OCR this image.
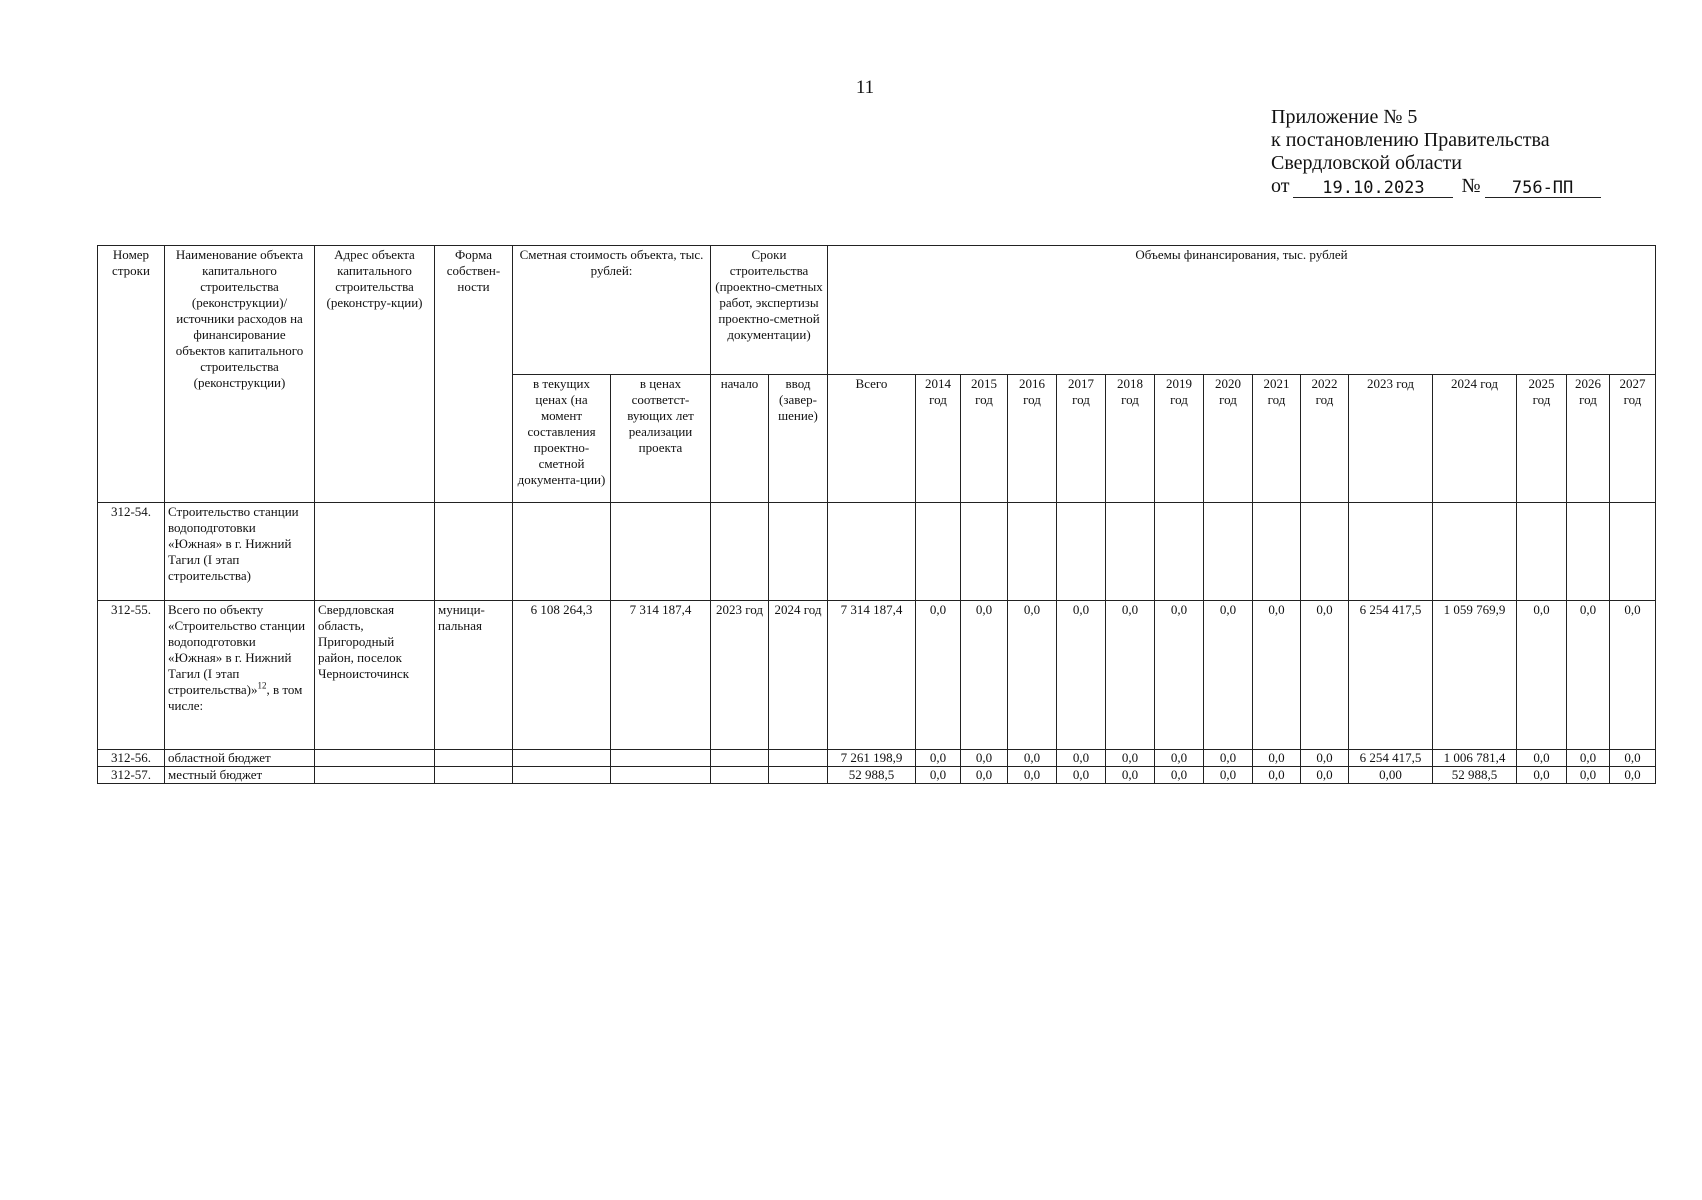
11
Приложение № 5
к постановлению Правительства
Свердловской области
от	19.10.2023	№	756-ПП
Номер строки	Наименование объекта капитального строительства (реконструкции)/ источники расходов на финансирование объектов капитального строительства (реконструкции)	Адрес объекта капитального строительства (реконстру-кции)	Форма собствен-ности	Сметная стоимость объекта, тыс. рублей:		Сроки строительства (проектно-сметных работ, экспертизы проектно-сметной документации)		Объемы финансирования, тыс. рублей														
				в текущих ценах (на момент составления проектно-сметной документа-ции)	в ценах соответст-вующих лет реализации проекта	начало	ввод (завер-шение)	Всего	2014 год	2015 год	2016 год	2017 год	2018 год	2019 год	2020 год	2021 год	2022 год	2023 год	2024 год	2025 год	2026 год	2027 год
312-54.	Строительство станции водоподготовки «Южная» в г. Нижний Тагил (I этап строительства)																					
312-55.	Всего по объекту «Строительство станции водоподготовки «Южная» в г. Нижний Тагил (I этап строительства)»$^{12}$, в том числе:	Свердловская область, Пригородный район, поселок Черноисточинск	муници-пальная	6 108 264,3	7 314 187,4	2023 год	2024 год	7 314 187,4	0,0	0,0	0,0	0,0	0,0	0,0	0,0	0,0	0,0	6 254 417,5	1 059 769,9	0,0	0,0	0,0
312-56.	областной бюджет							7 261 198,9	0,0	0,0	0,0	0,0	0,0	0,0	0,0	0,0	0,0	6 254 417,5	1 006 781,4	0,0	0,0	0,0
312-57.	местный бюджет							52 988,5	0,0	0,0	0,0	0,0	0,0	0,0	0,0	0,0	0,0	0,00	52 988,5	0,0	0,0	0,0
